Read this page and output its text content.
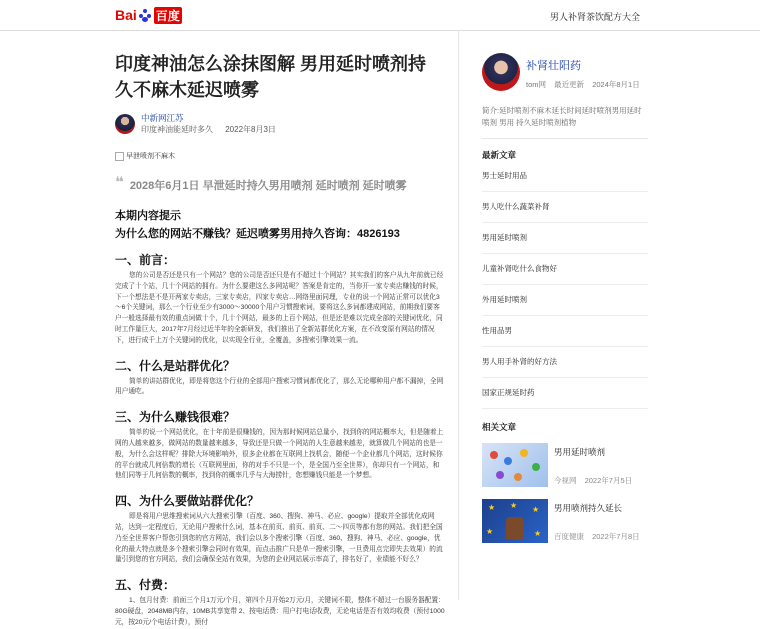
Bai 百度	男人补肾茶饮配方大全
印度神油怎么涂抹图解 男用延时喷剂持久不麻木延迟喷雾
中新网江苏
印度神油能延时多久 2022年8月3日
早泄喷剂不麻木
❝ 2028年6月1日 早泄延时持久男用喷剂 延时喷剂 延时喷雾
本期内容提示
为什么您的网站不赚钱？延迟喷雾男用持久咨询：4826193
一、前言：
您的公司是否还是只有一个网站？您的公司是否还只是有不超过十个网站？其实我们的客户从九年前就已经完成了十个站，几十个网站的拥有。为什么要建这么多网站呢？答案是肯定的，当你开一家专卖店赚钱的时候，下一个想法是不是开两家专卖店，三家专卖店，四家专卖店…网络里面同理，专业的说一个网站正常可以优化3～6个关键词，那么一个行业至少有3000～30000个用户习惯搜索词，要将这么多词都建成网站，前期我们要客户一般选择最有效的重点词做十个，几十个网站，最多的上百个网站，但是还是难以完成全部的关键词优化，同时工作量巨大，2017年7月经过近半年的全新研发，我们推出了全新站群优化方案，在不改变原有网站的情况下，进行成千上万个关键词的优化，以实现全行业，全覆盖，多搜索引擎效果一流。
二、什么是站群优化？
简单的讲站群优化，即是将您这个行业的全部用户搜索习惯词都优化了，那么无论哪种用户都不漏掉，全网用户通吃。
三、为什么赚钱很难？
简单的说一个网站优化，在十年前是很赚钱的，因为那时候网站总量小，找到你的网站概率大，但是随着上网的人越来越多，做网站的数量越来越多，导致还是只做一个网站的人生意越来越差，就算做几个网站的也是一般，为什么会这样呢？排除大环境影响外，很多企业都在互联网上找机会，随便一个企业都几个网站，这时候你的平台就成几何倍数的增长（互联网里面，你的对手不只是一个，是全国乃至全世界），你却只有一个网站，和他们同等于几何倍数的概率，找到你的概率几乎与大海捞针，您想赚钱只能是一个梦想。
四、为什么要做站群优化？
即是将用户思维搜索词从六大搜索引擎（百度、360、搜狗、神马、必应、google）提取并全部优化成网站，达到一定程度后，无论用户搜索什么词，基本在前页、前页、前页、二～四页等都有您的网站。我们把全国乃至全世界客户帮您引到您的官方网站，我们会以多个搜索引擎（百度、360、搜狗、神马、必应、google，优化的最大特点就是多个搜索引擎会同时有效果，而点击推广只是单一搜索引擎，一旦费用点完即失去效果）的流量引到您的官方网站，我们会确保全站有效果，为您的企业网站展示率高了，排名好了，业绩能不好么？
五、付费：
1、包月付费：前面三个月1万元/个月，第四个月开始2万元/月，关键词不限，整体不超过一台服务器配置：80G硬盘，2048MB内存，10MB共享宽带 2、按电话费：用户打电话收费，无论电话是否有效均收费（预付1000元，按20元/个电话计费），预付
补肾壮阳药
tom网 最近更新 2024年8月1日
简介:延时喷剂不麻木延长时间延时喷剂男用延时喷剂 男用 持久延时喷剂植物
最新文章
男士延时用品
男人吃什么蔬菜补肾
男用延时喷剂
儿童补肾吃什么食物好
外用延时喷剂
性用品男
男人用手补肾的好方法
国家正规延时药
相关文章
男用延时喷剂
今视网 2022年7月5日
★ ★ ★
★	★
男用喷剂持久延长
百度健康 2022年7月8日
